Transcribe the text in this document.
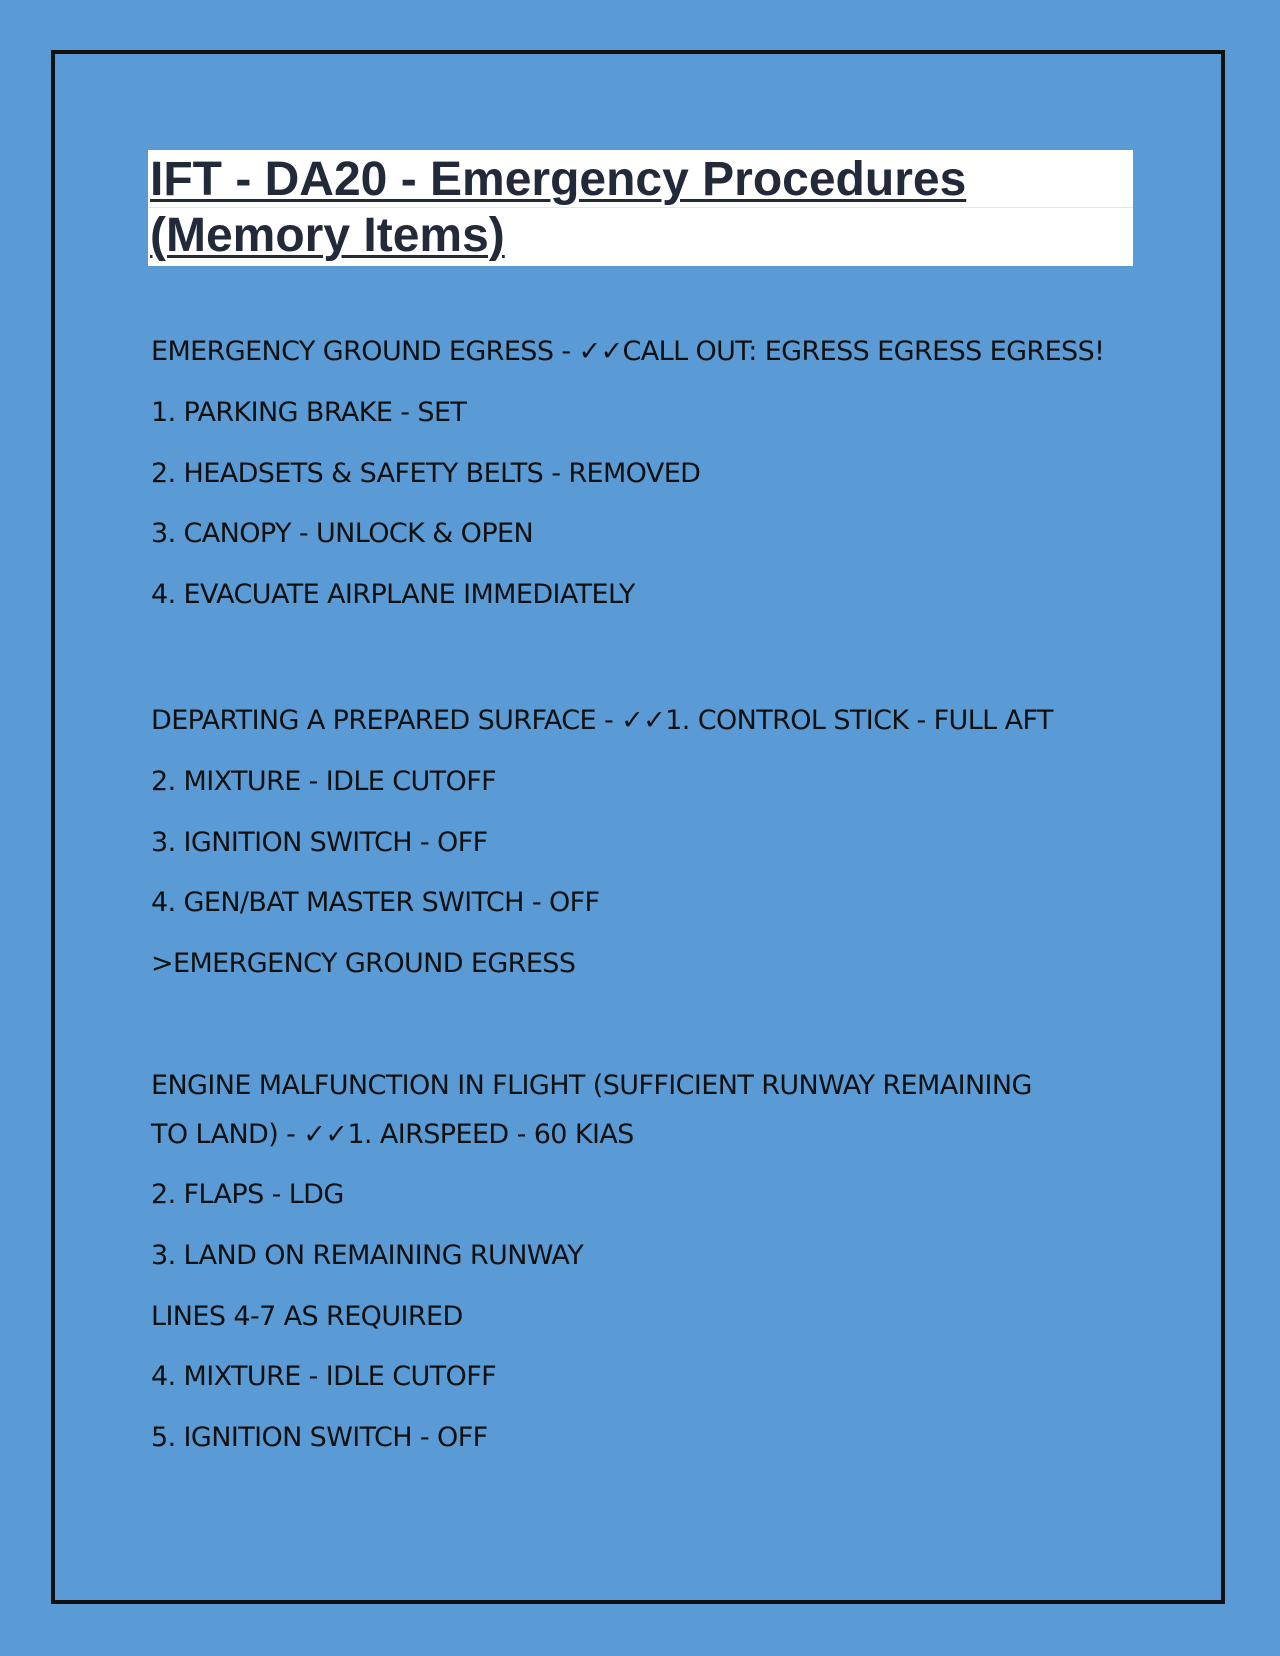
IFT - DA20 - Emergency Procedures
(Memory Items)
EMERGENCY GROUND EGRESS - ✓✓CALL OUT: EGRESS EGRESS EGRESS!
1. PARKING BRAKE - SET
2. HEADSETS & SAFETY BELTS - REMOVED
3. CANOPY - UNLOCK & OPEN
4. EVACUATE AIRPLANE IMMEDIATELY
DEPARTING A PREPARED SURFACE - ✓✓1. CONTROL STICK - FULL AFT
2. MIXTURE - IDLE CUTOFF
3. IGNITION SWITCH - OFF
4. GEN/BAT MASTER SWITCH - OFF
>EMERGENCY GROUND EGRESS
ENGINE MALFUNCTION IN FLIGHT (SUFFICIENT RUNWAY REMAINING
TO LAND) - ✓✓1. AIRSPEED - 60 KIAS
2. FLAPS - LDG
3. LAND ON REMAINING RUNWAY
LINES 4-7 AS REQUIRED
4. MIXTURE - IDLE CUTOFF
5. IGNITION SWITCH - OFF
